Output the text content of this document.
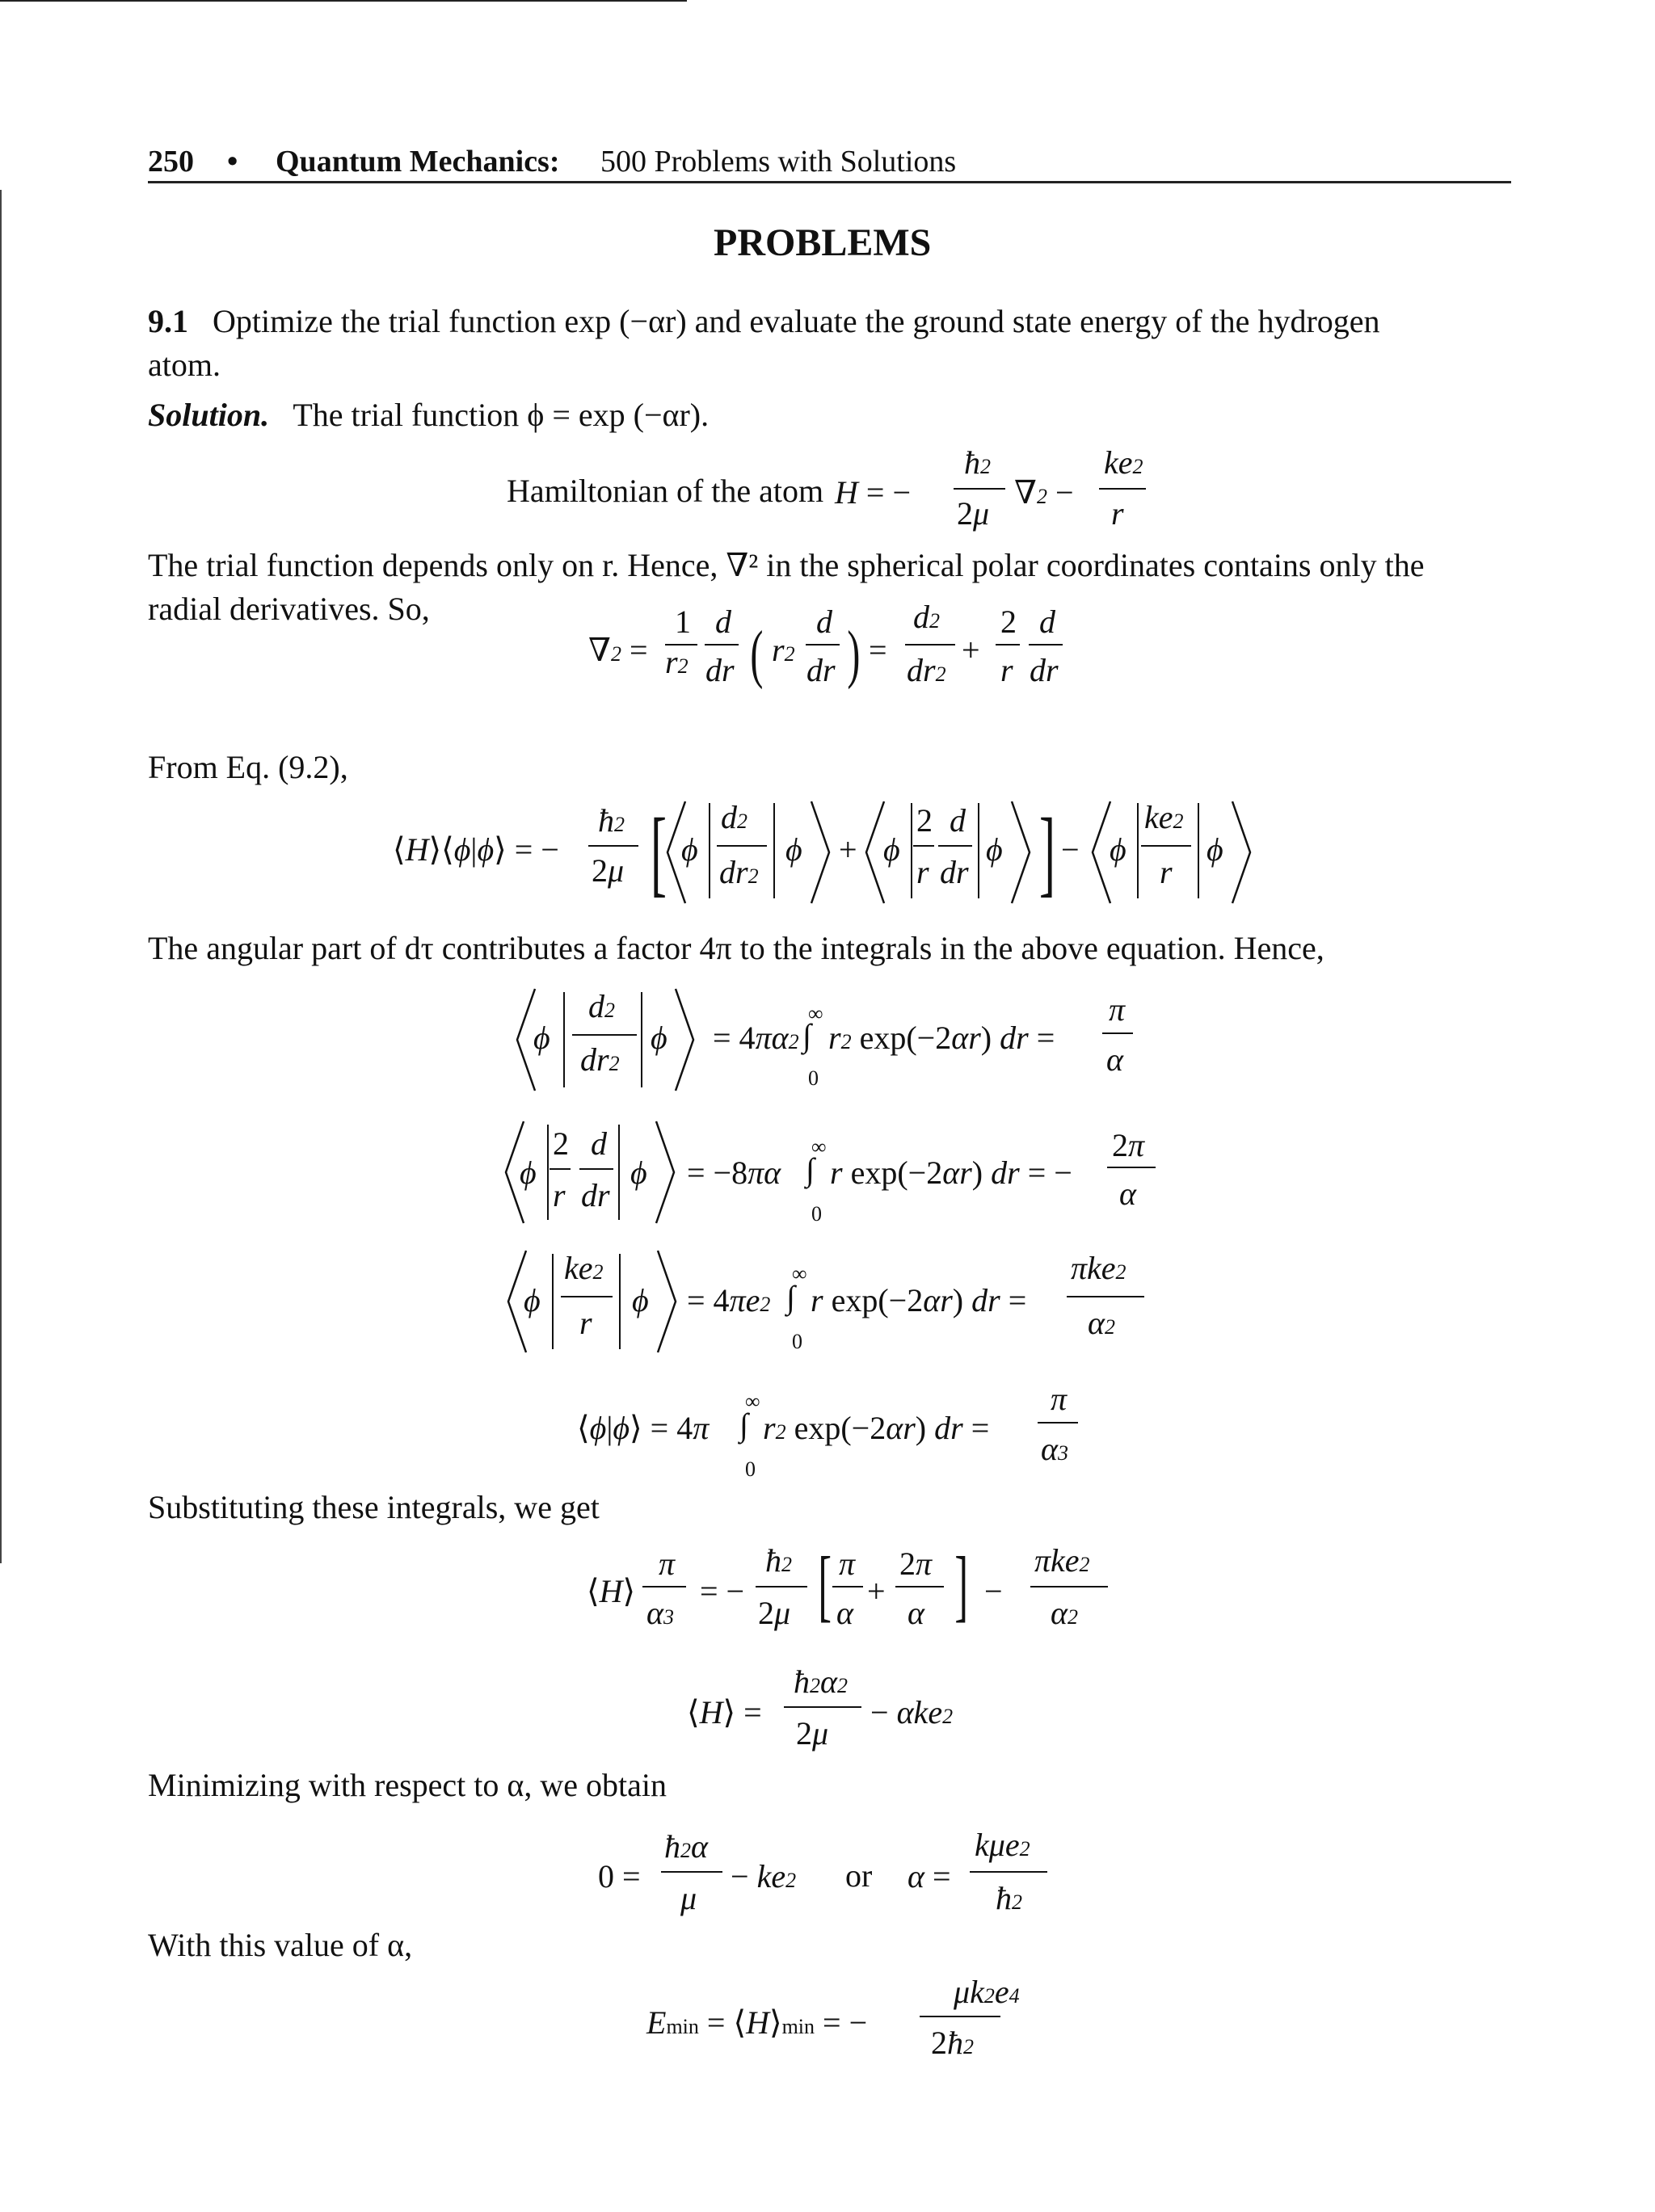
250 • Quantum Mechanics: 500 Problems with Solutions
PROBLEMS
9.1 Optimize the trial function exp (−αr) and evaluate the ground state energy of the hydrogen
atom.
Solution. The trial function ϕ = exp (−αr).
Hamiltonian of the atom H = −
ħ2
2μ
∇2 −
ke2
r
The trial function depends only on r. Hence, ∇² in the spherical polar coordinates contains only the
radial derivatives. So,
∇2 =
1
r2
d
dr ( r2
d
dr ) =
d2
dr2
+
2
r
d
dr
From Eq. (9.2),
⟨H⟩⟨ϕ|ϕ⟩ = −
ħ2
2μ [ ϕ
d2
dr2
ϕ + ϕ
2
r
d
dr
ϕ ] − ϕ
ke2
r
ϕ
The angular part of dτ contributes a factor 4π to the integrals in the above equation. Hence,
ϕ
d2
dr2
ϕ = 4πα2
∞
∫
0
r2 exp(−2αr) dr =
π
α
ϕ
2
r
d
dr
ϕ = −8πα
∞
∫
0
r exp(−2αr) dr = −
2π
α
ϕ
ke2
r
ϕ = 4πe2
∞
∫
0
r exp(−2αr) dr =
πke2
α2
⟨ϕ|ϕ⟩ = 4π
∞
∫
0
r2 exp(−2αr) dr =
π
α3
Substituting these integrals, we get
⟨H⟩
π
α3
= −
ħ2
2μ [ π
α
+
2π
α ] −
πke2
α2
⟨H⟩ =
ħ2α2
2μ
− αke2
Minimizing with respect to α, we obtain
0 =
ħ2α
μ
− ke2 or α =
kμe2
ħ2
With this value of α,
Emin = ⟨H⟩min = −
μk2e4
2ħ2
